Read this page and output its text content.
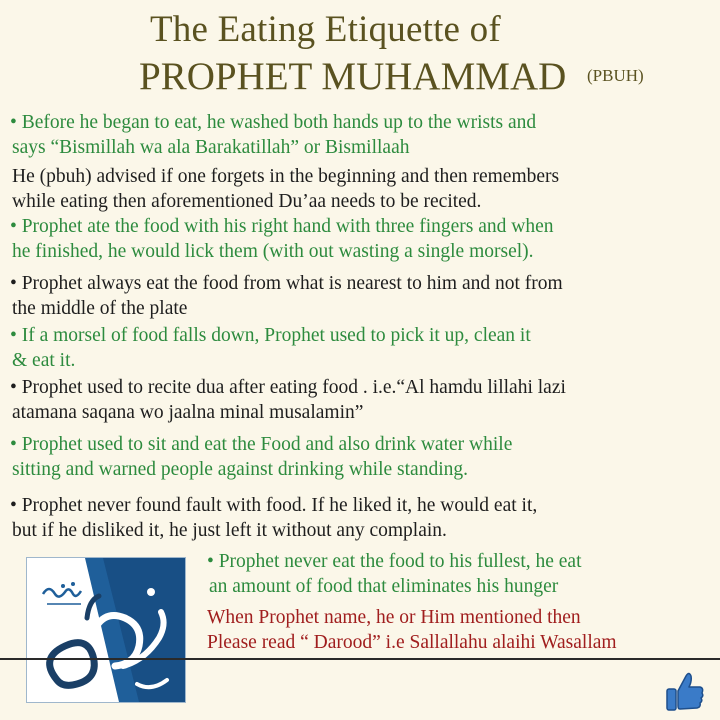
The Eating Etiquette of
PROPHET MUHAMMAD (PBUH)
• Before he began to eat, he washed both hands up to the wrists and
says “Bismillah wa ala Barakatillah” or Bismillaah
He (pbuh) advised if one forgets in the beginning and then remembers
while eating then aforementioned Du’aa needs to be recited.
• Prophet ate the food with his right hand with three fingers and when
he finished, he would lick them (with out wasting a single morsel).
• Prophet always eat the food from what is nearest to him and not from
the middle of the plate
• If a morsel of food falls down, Prophet used to pick it up, clean it
& eat it.
• Prophet used to recite dua after eating food . i.e.“Al hamdu lillahi lazi
atamana saqana wo jaalna minal musalamin”
• Prophet used to sit and eat the Food and also drink water while
sitting and warned people against drinking while standing.
• Prophet never found fault with food. If he liked it, he would eat it,
but if he disliked it, he just left it without any complain.
• Prophet never eat the food to his fullest, he eat
an amount of food that eliminates his hunger
When Prophet name, he or Him mentioned then
Please read “ Darood” i.e Sallallahu alaihi Wasallam
